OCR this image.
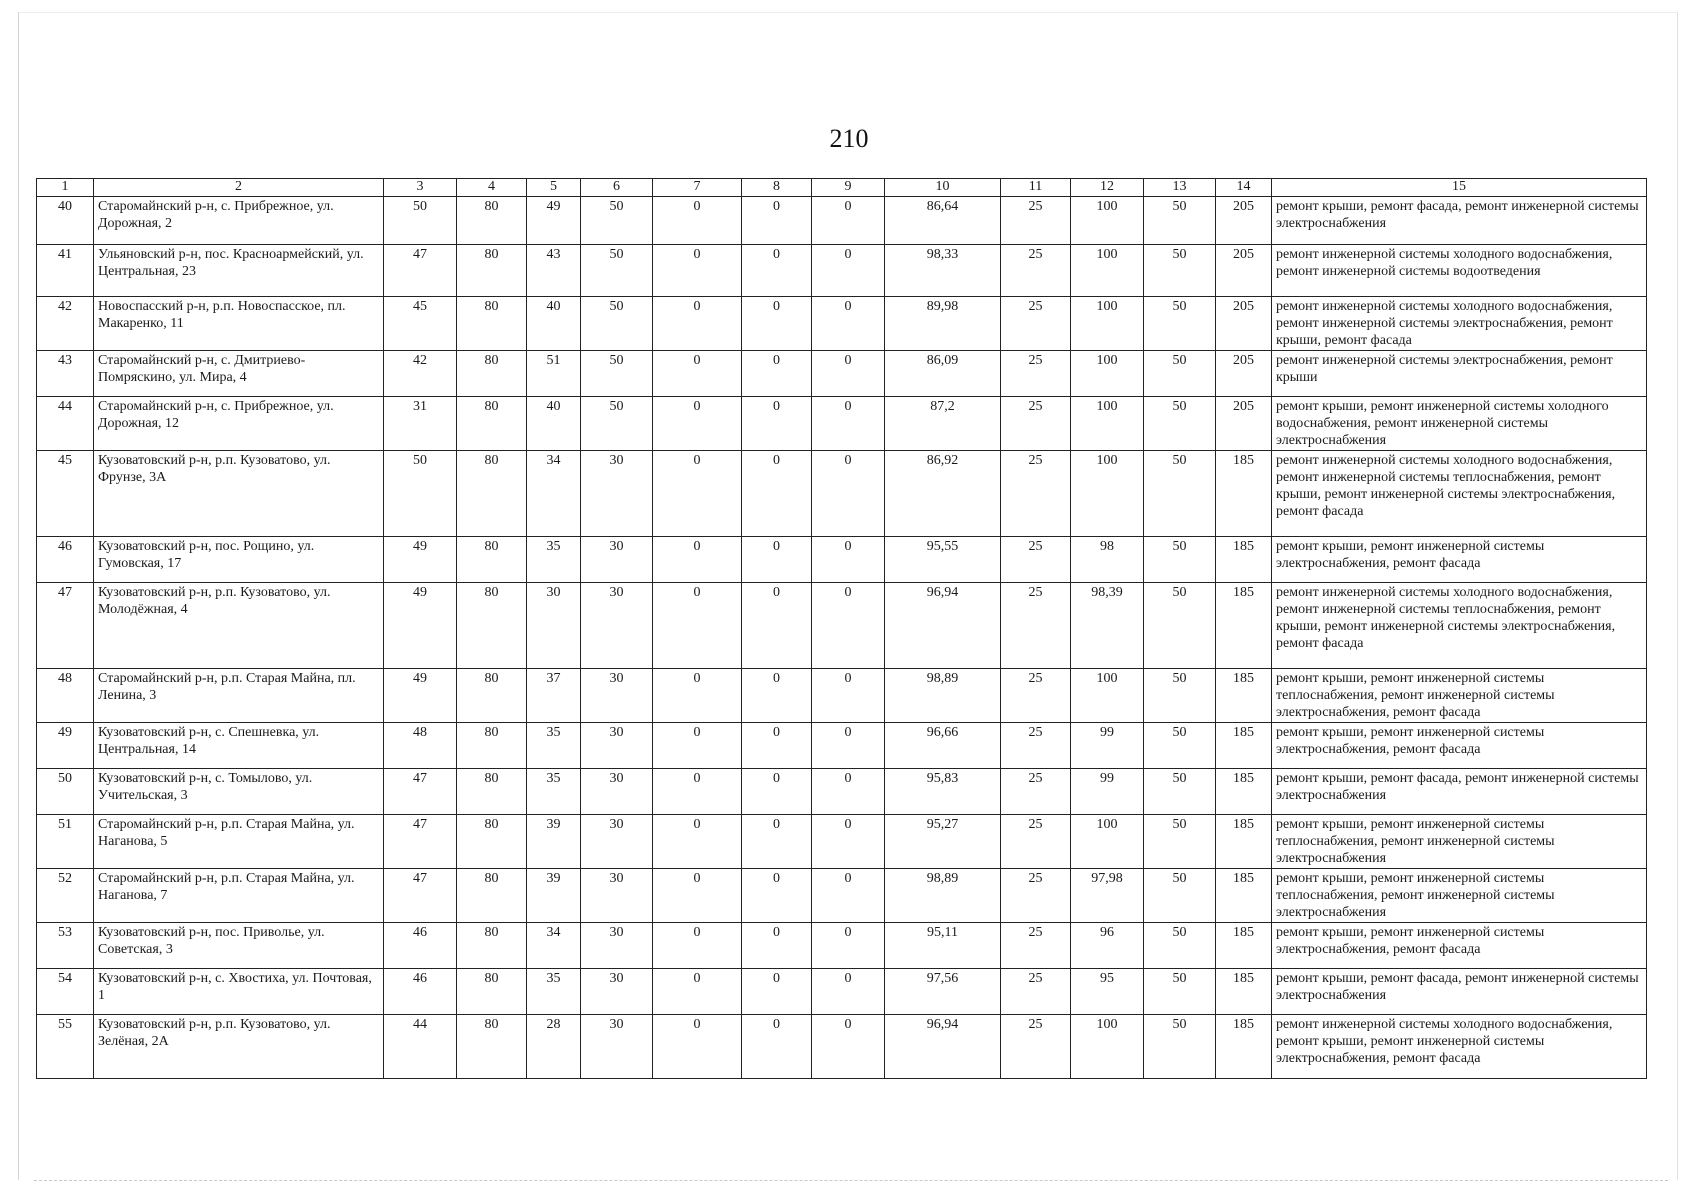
210
1	2	3	4	5	6	7	8	9	10	11	12	13	14	15
40	Старомайнский р-н, с. Прибрежное, ул. Дорожная, 2	50	80	49	50	0	0	0	86,64	25	100	50	205	ремонт крыши, ремонт фасада, ремонт инженерной системы электроснабжения
41	Ульяновский р-н, пос. Красноармейский, ул. Центральная, 23	47	80	43	50	0	0	0	98,33	25	100	50	205	ремонт инженерной системы холодного водоснабжения, ремонт инженерной системы водоотведения
42	Новоспасский р-н, р.п. Новоспасское, пл. Макаренко, 11	45	80	40	50	0	0	0	89,98	25	100	50	205	ремонт инженерной системы холодного водоснабжения, ремонт инженерной системы электроснабжения, ремонт крыши, ремонт фасада
43	Старомайнский р-н, с. Дмитриево-Помряскино, ул. Мира, 4	42	80	51	50	0	0	0	86,09	25	100	50	205	ремонт инженерной системы электроснабжения, ремонт крыши
44	Старомайнский р-н, с. Прибрежное, ул. Дорожная, 12	31	80	40	50	0	0	0	87,2	25	100	50	205	ремонт крыши, ремонт инженерной системы холодного водоснабжения, ремонт инженерной системы электроснабжения
45	Кузоватовский р-н, р.п. Кузоватово, ул. Фрунзе, 3А	50	80	34	30	0	0	0	86,92	25	100	50	185	ремонт инженерной системы холодного водоснабжения, ремонт инженерной системы теплоснабжения, ремонт крыши, ремонт инженерной системы электроснабжения, ремонт фасада
46	Кузоватовский р-н, пос. Рощино, ул. Гумовская, 17	49	80	35	30	0	0	0	95,55	25	98	50	185	ремонт крыши, ремонт инженерной системы электроснабжения, ремонт фасада
47	Кузоватовский р-н, р.п. Кузоватово, ул. Молодёжная, 4	49	80	30	30	0	0	0	96,94	25	98,39	50	185	ремонт инженерной системы холодного водоснабжения, ремонт инженерной системы теплоснабжения, ремонт крыши, ремонт инженерной системы электроснабжения, ремонт фасада
48	Старомайнский р-н, р.п. Старая Майна, пл. Ленина, 3	49	80	37	30	0	0	0	98,89	25	100	50	185	ремонт крыши, ремонт инженерной системы теплоснабжения, ремонт инженерной системы электроснабжения, ремонт фасада
49	Кузоватовский р-н, с. Спешневка, ул. Центральная, 14	48	80	35	30	0	0	0	96,66	25	99	50	185	ремонт крыши, ремонт инженерной системы электроснабжения, ремонт фасада
50	Кузоватовский р-н, с. Томылово, ул. Учительская, 3	47	80	35	30	0	0	0	95,83	25	99	50	185	ремонт крыши, ремонт фасада, ремонт инженерной системы электроснабжения
51	Старомайнский р-н, р.п. Старая Майна, ул. Наганова, 5	47	80	39	30	0	0	0	95,27	25	100	50	185	ремонт крыши, ремонт инженерной системы теплоснабжения, ремонт инженерной системы электроснабжения
52	Старомайнский р-н, р.п. Старая Майна, ул. Наганова, 7	47	80	39	30	0	0	0	98,89	25	97,98	50	185	ремонт крыши, ремонт инженерной системы теплоснабжения, ремонт инженерной системы электроснабжения
53	Кузоватовский р-н, пос. Приволье, ул. Советская, 3	46	80	34	30	0	0	0	95,11	25	96	50	185	ремонт крыши, ремонт инженерной системы электроснабжения, ремонт фасада
54	Кузоватовский р-н, с. Хвостиха, ул. Почтовая, 1	46	80	35	30	0	0	0	97,56	25	95	50	185	ремонт крыши, ремонт фасада, ремонт инженерной системы электроснабжения
55	Кузоватовский р-н, р.п. Кузоватово, ул. Зелёная, 2А	44	80	28	30	0	0	0	96,94	25	100	50	185	ремонт инженерной системы холодного водоснабжения, ремонт крыши, ремонт инженерной системы электроснабжения, ремонт фасада
